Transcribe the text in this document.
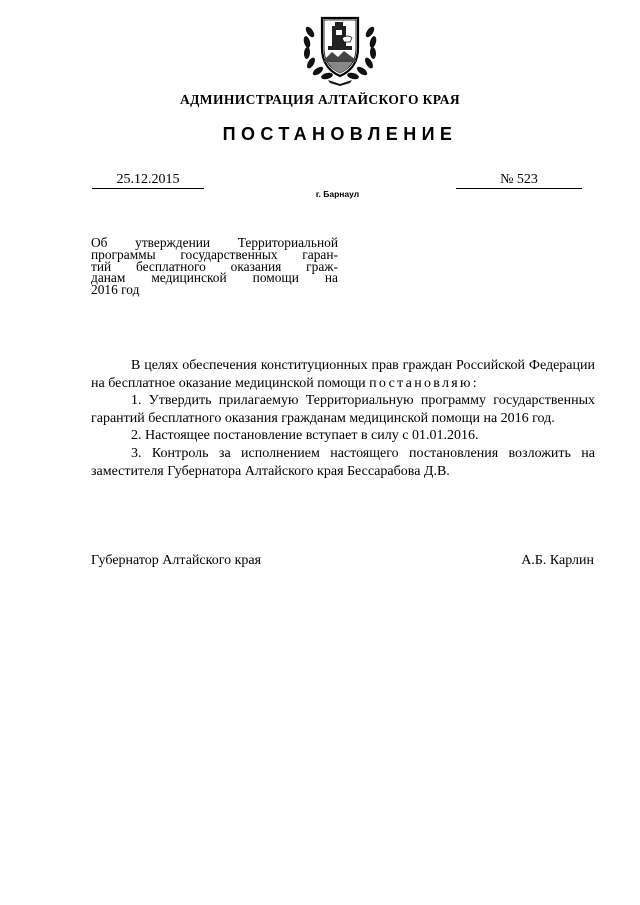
АДМИНИСТРАЦИЯ АЛТАЙСКОГО КРАЯ
ПОСТАНОВЛЕНИЕ
25.12.2015	№ 523
г. Барнаул
Об утверждении Территориальной
программы государственных гаран-
тий бесплатного оказания граж-
данам медицинской помощи на
2016 год

В целях обеспечения конституционных прав граждан Российской Федерации на бесплатное оказание медицинской помощи постановляю:

1. Утвердить прилагаемую Территориальную программу государственных гарантий бесплатного оказания гражданам медицинской помощи на 2016 год.

2. Настоящее постановление вступает в силу с 01.01.2016.

3. Контроль за исполнением настоящего постановления возложить на заместителя Губернатора Алтайского края Бессарабова Д.В.

Губернатор Алтайского края	А.Б. Карлин
